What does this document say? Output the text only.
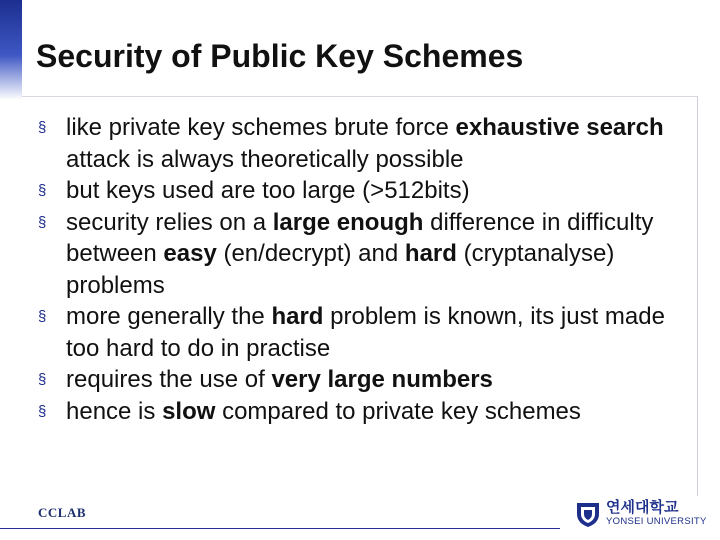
Security of Public Key Schemes
§ like private key schemes brute force exhaustive search attack is always theoretically possible
§ but keys used are too large (>512bits)
§ security relies on a large enough difference in difficulty between easy (en/decrypt) and hard (cryptanalyse) problems
§ more generally the hard problem is known, its just made too hard to do in practise
§ requires the use of very large numbers
§ hence is slow compared to private key schemes
CCLAB	연세대학교
YONSEI UNIVERSITY
